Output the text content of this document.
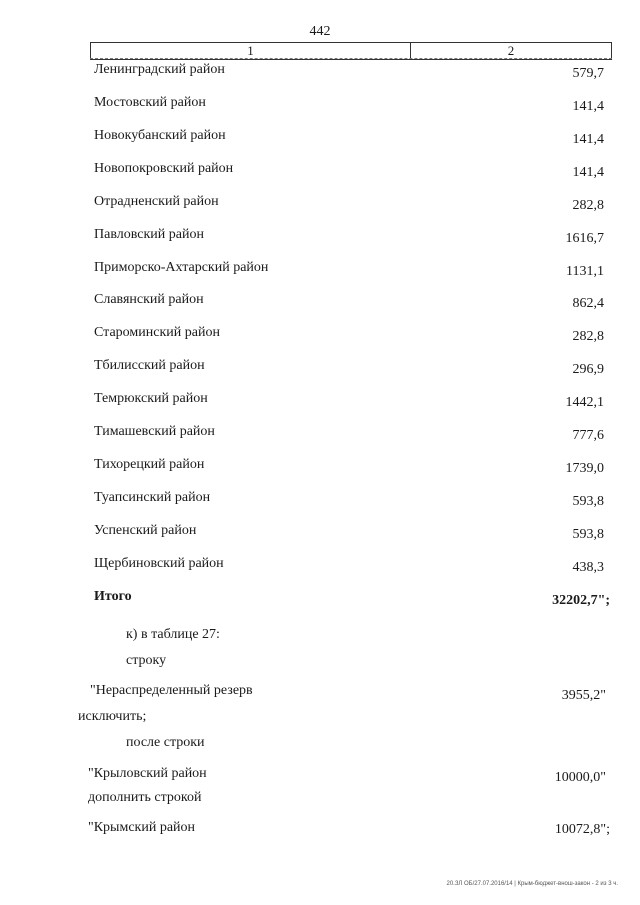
442
1	2
Ленинградский район	579,7
Мостовский район	141,4
Новокубанский район	141,4
Новопокровский район	141,4
Отрадненский район	282,8
Павловский район	1616,7
Приморско-Ахтарский район	1131,1
Славянский район	862,4
Староминский район	282,8
Тбилисский район	296,9
Темрюкский район	1442,1
Тимашевский район	777,6
Тихорецкий район	1739,0
Туапсинский район	593,8
Успенский район	593,8
Щербиновский район	438,3
Итого	32202,7";
к) в таблице 27:
строку
"Нераспределенный резерв	3955,2"
исключить;
после строки
"Крыловский район	10000,0"
дополнить строкой
"Крымский район	10072,8";
20.ЗЛ ОБ/27.07.2016/14 | Крым-бюджет-внош-закон - 2 из 3 ч.
